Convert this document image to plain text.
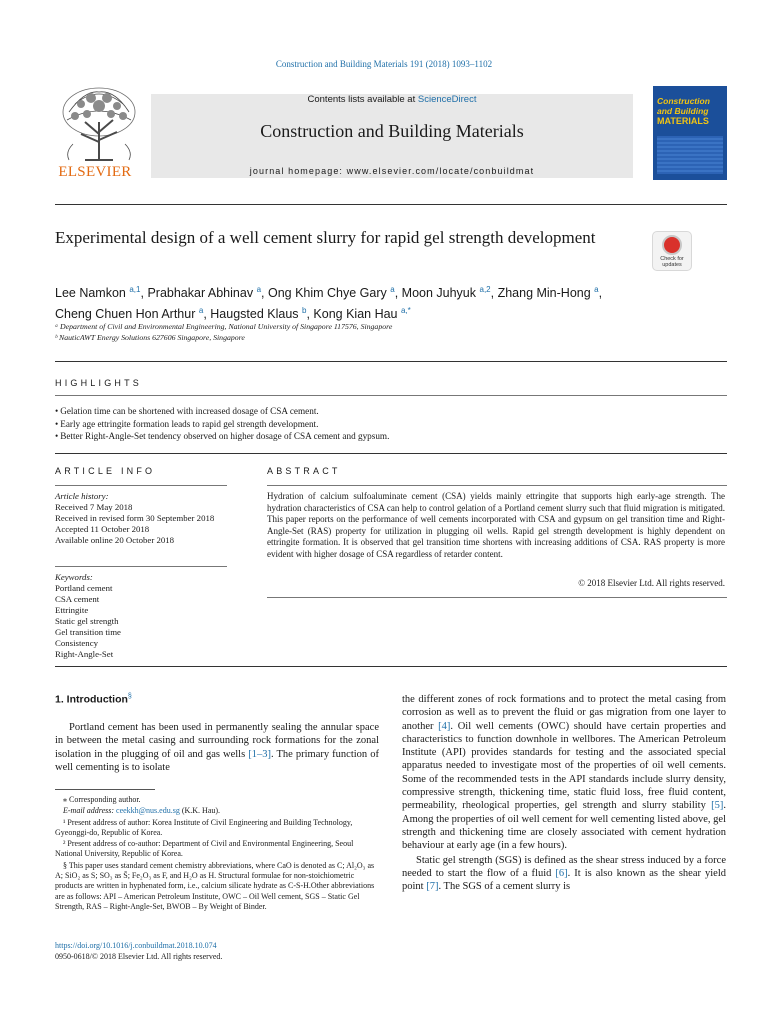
Construction and Building Materials 191 (2018) 1093–1102
ELSEVIER
Contents lists available at ScienceDirect
Construction and Building Materials
journal homepage: www.elsevier.com/locate/conbuildmat
Construction
and Building
MATERIALS
Experimental design of a well cement slurry for rapid gel strength development
Check for updates
Lee Namkon $^{a,1}$, Prabhakar Abhinav $^a$, Ong Khim Chye Gary $^a$, Moon Juhyuk $^{a,2}$, Zhang Min-Hong $^a$,
Cheng Chuen Hon Arthur $^a$, Haugsted Klaus $^b$, Kong Kian Hau $^{a,*}$
ᵃ Department of Civil and Environmental Engineering, National University of Singapore 117576, Singapore
ᵇ NauticAWT Energy Solutions 627606 Singapore, Singapore
HIGHLIGHTS
• Gelation time can be shortened with increased dosage of CSA cement.
• Early age ettringite formation leads to rapid gel strength development.
• Better Right-Angle-Set tendency observed on higher dosage of CSA cement and gypsum.
ARTICLE INFO
Article history:
Received 7 May 2018
Received in revised form 30 September 2018
Accepted 11 October 2018
Available online 20 October 2018
Keywords:
Portland cement
CSA cement
Ettringite
Static gel strength
Gel transition time
Consistency
Right-Angle-Set
ABSTRACT
Hydration of calcium sulfoaluminate cement (CSA) yields mainly ettringite that supports high early-age strength. The hydration characteristics of CSA can help to control gelation of a Portland cement slurry such that fluid migration is mitigated. This paper reports on the performance of well cements incorporated with CSA and gypsum on gel transition time and Right-Angle-Set (RAS) property for utilization in plugging oil wells. Rapid gel strength development is highly dependent on ettringite formation. It is observed that gel transition time shortens with increasing additions of CSA. RAS property is more evident with higher dosage of CSA regardless of retarder content.
© 2018 Elsevier Ltd. All rights reserved.
1. Introduction§

Portland cement has been used in permanently sealing the annular space in between the metal casing and surrounding rock formations for the zonal isolation in the plugging of oil and gas wells [1–3]. The primary function of well cementing is to isolate

⁎ Corresponding author.

E-mail address: ceekkh@nus.edu.sg (K.K. Hau).

¹ Present address of author: Korea Institute of Civil Engineering and Building Technology, Gyeonggi-do, Republic of Korea.

² Present address of co-author: Department of Civil and Environmental Engineering, Seoul National University, Republic of Korea.

§ This paper uses standard cement chemistry abbreviations, where CaO is denoted as C; Al₂O₃ as A; SiO₂ as S; SO₃ as S̄; Fe₂O₃ as F, and H₂O as H. Structural formulae for non-stoichiometric products are written in hyphenated form, i.e., calcium silicate hydrate as C-S-H.Other abbreviations are as follows: API – American Petroleum Institute, OWC – Oil Well cement, SGS – Static Gel Strength, RAS – Right-Angle-Set, BWOB – By Weight of Binder.

https://doi.org/10.1016/j.conbuildmat.2018.10.074
0950-0618/© 2018 Elsevier Ltd. All rights reserved.

the different zones of rock formations and to protect the metal casing from corrosion as well as to prevent the fluid or gas migration from one layer to another [4]. Oil well cements (OWC) should have certain properties and characteristics to function downhole in wellbores. The American Petroleum Institute (API) provides standards for testing and the associated special apparatus needed to investigate most of the properties of oil well cements. Some of the recommended tests in the API standards include slurry density, compressive strength, thickening time, static fluid loss, free fluid content, permeability, rheological properties, gel strength and slurry stability [5]. Among the properties of oil well cement for well cementing listed above, gel strength and thickening time are closely associated with cement hydration behaviour at early age (in a few hours).

Static gel strength (SGS) is defined as the shear stress induced by a force needed to start the flow of a fluid [6]. It is also known as the shear yield point [7]. The SGS of a cement slurry is
